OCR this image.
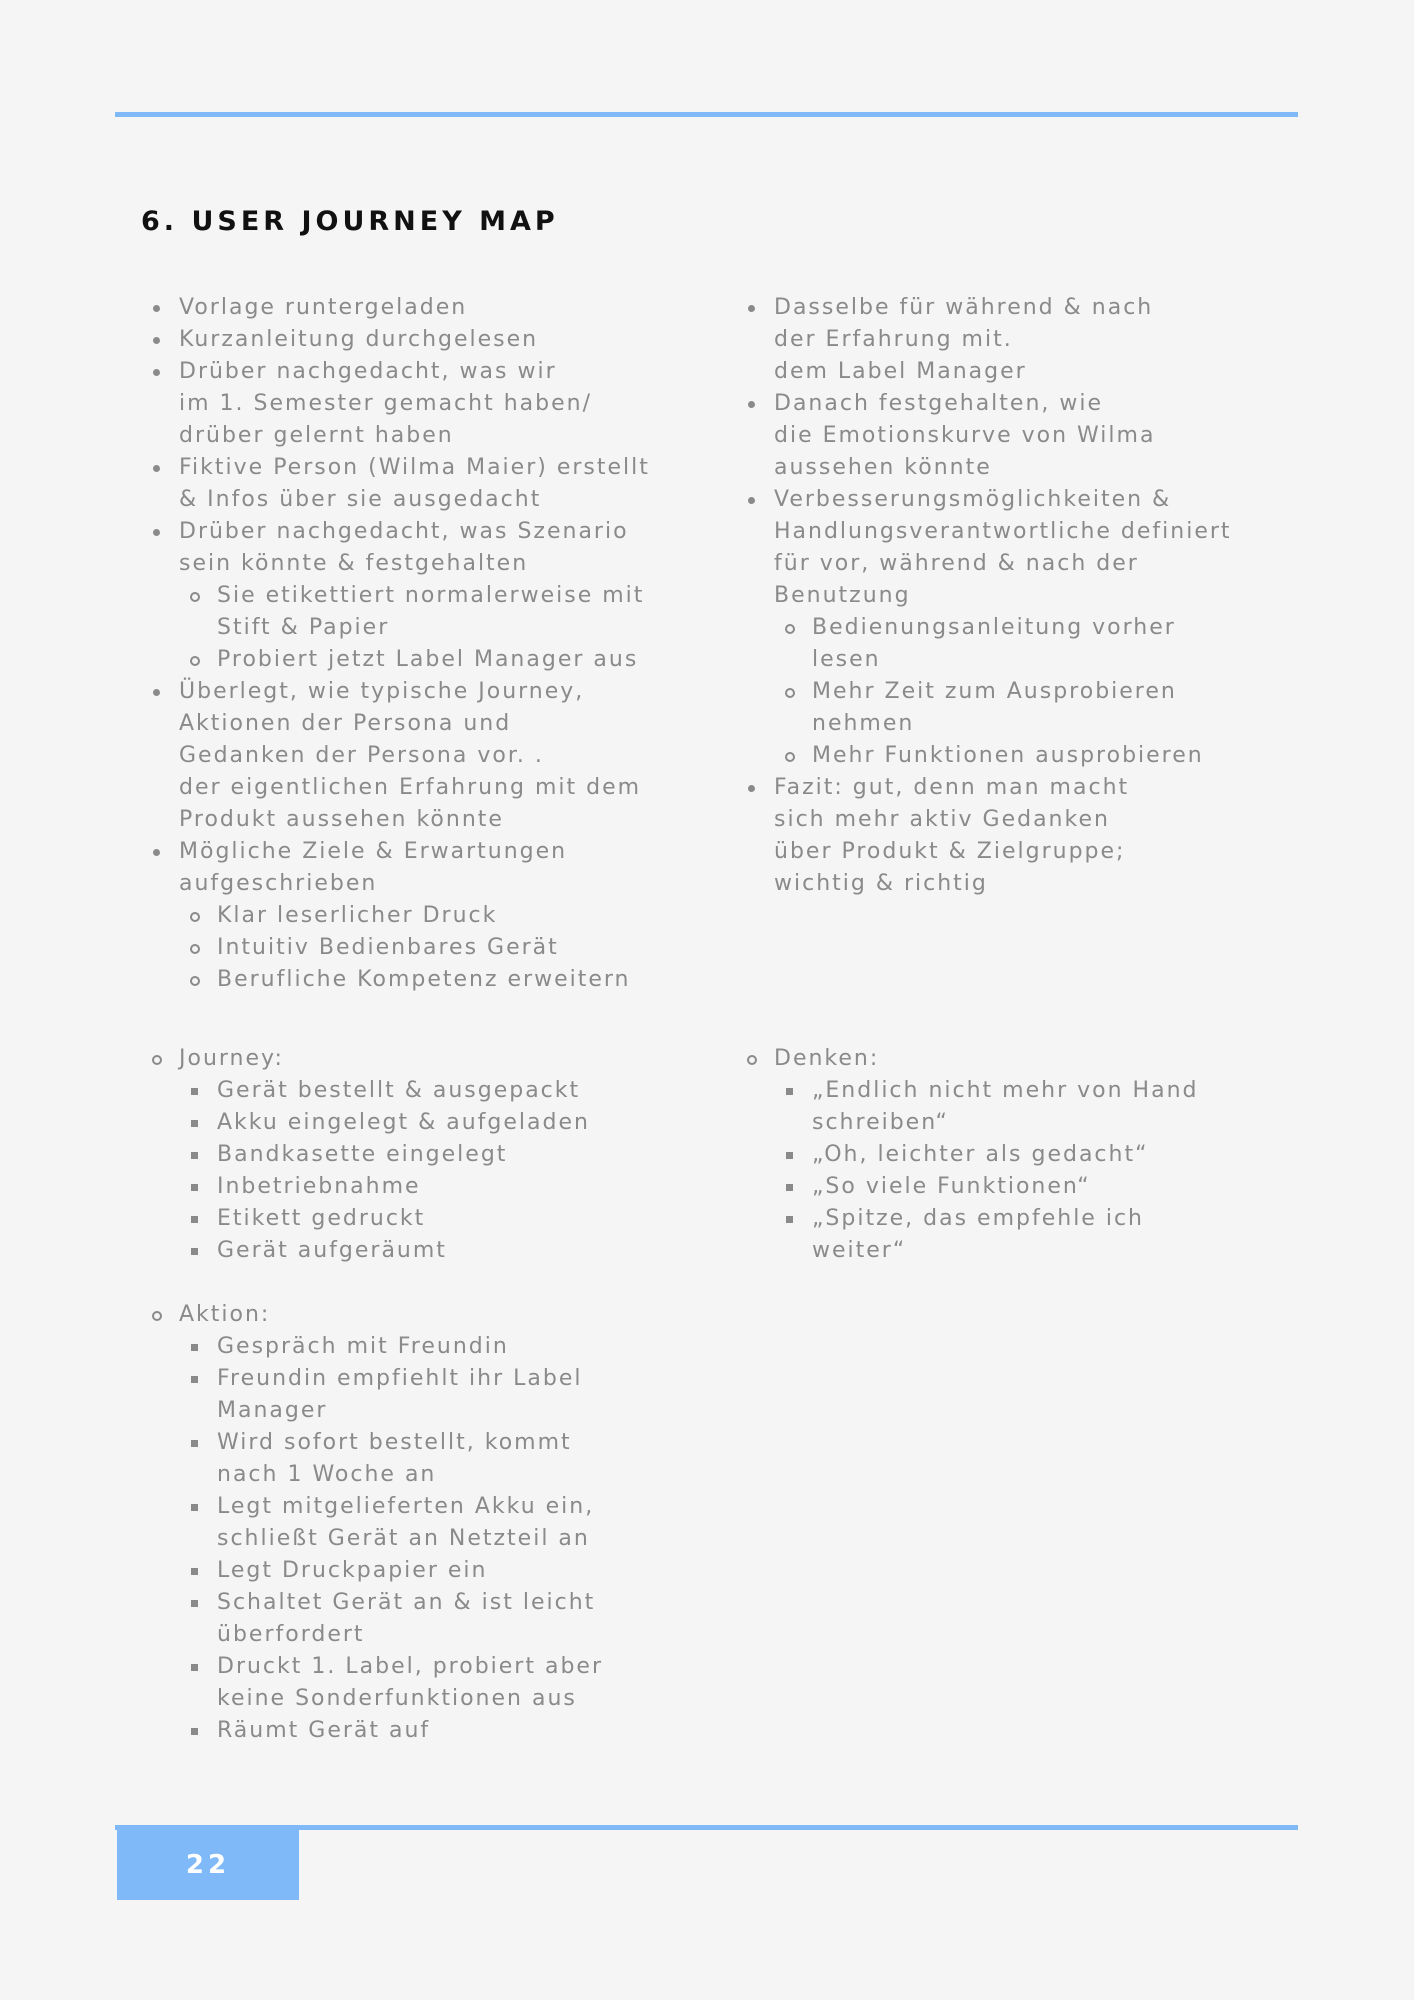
6. USER JOURNEY MAP
Vorlage runtergeladen
Kurzanleitung durchgelesen
Drüber nachgedacht, was wir
im 1. Semester gemacht haben/
drüber gelernt haben
Fiktive Person (Wilma Maier) erstellt
& Infos über sie ausgedacht
Drüber nachgedacht, was Szenario
sein könnte & festgehalten
Sie etikettiert normalerweise mit
Stift & Papier
Probiert jetzt Label Manager aus
Überlegt, wie typische Journey,
Aktionen der Persona und
Gedanken der Persona vor. .
der eigentlichen Erfahrung mit dem
Produkt aussehen könnte
Mögliche Ziele & Erwartungen
aufgeschrieben
Klar leserlicher Druck
Intuitiv Bedienbares Gerät
Berufliche Kompetenz erweitern
Dasselbe für während & nach
der Erfahrung mit.
dem Label Manager
Danach festgehalten, wie
die Emotionskurve von Wilma
aussehen könnte
Verbesserungsmöglichkeiten &
Handlungsverantwortliche definiert
für vor, während & nach der
Benutzung
Bedienungsanleitung vorher
lesen
Mehr Zeit zum Ausprobieren
nehmen
Mehr Funktionen ausprobieren
Fazit: gut, denn man macht
sich mehr aktiv Gedanken
über Produkt & Zielgruppe;
wichtig & richtig
Journey:
Gerät bestellt & ausgepackt
Akku eingelegt & aufgeladen
Bandkasette eingelegt
Inbetriebnahme
Etikett gedruckt
Gerät aufgeräumt
Denken:
„Endlich nicht mehr von Hand
schreiben“
„Oh, leichter als gedacht“
„So viele Funktionen“
„Spitze, das empfehle ich
weiter“
Aktion:
Gespräch mit Freundin
Freundin empfiehlt ihr Label
Manager
Wird sofort bestellt, kommt
nach 1 Woche an
Legt mitgelieferten Akku ein,
schließt Gerät an Netzteil an
Legt Druckpapier ein
Schaltet Gerät an & ist leicht
überfordert
Druckt 1. Label, probiert aber
keine Sonderfunktionen aus
Räumt Gerät auf
22
